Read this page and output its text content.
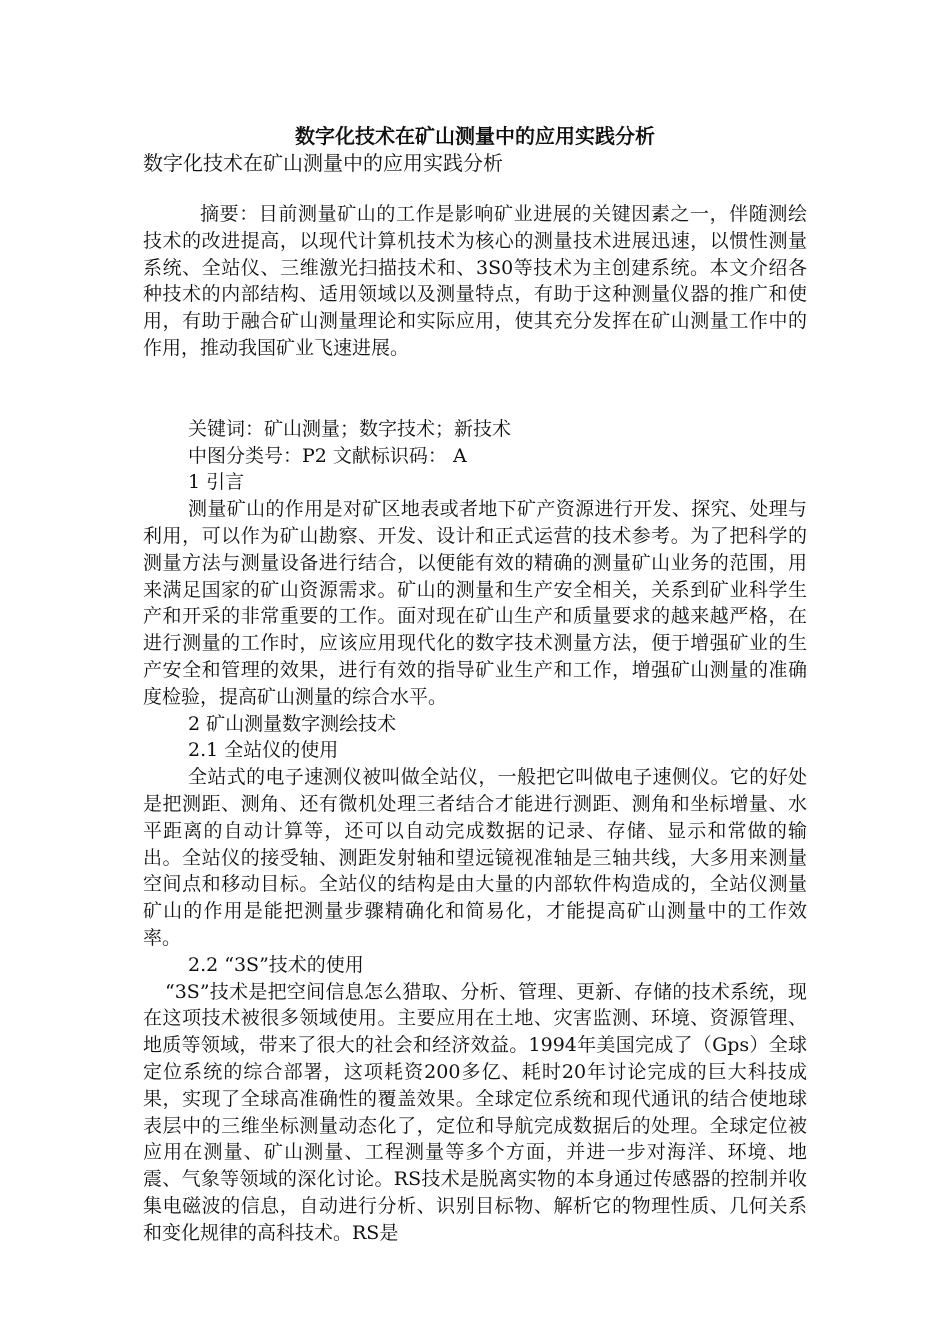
数字化技术在矿山测量中的应用实践分析
数字化技术在矿山测量中的应用实践分析

摘要：目前测量矿山的工作是影响矿业进展的关键因素之一，伴随测绘技术的改进提高，以现代计算机技术为核心的测量技术进展迅速，以惯性测量系统、全站仪、三维激光扫描技术和、3S0等技术为主创建系统。本文介绍各种技术的内部结构、适用领域以及测量特点，有助于这种测量仪器的推广和使用，有助于融合矿山测量理论和实际应用，使其充分发挥在矿山测量工作中的作用，推动我国矿业飞速进展。

关键词：矿山测量；数字技术；新技术

中图分类号：P2 文献标识码： A

1 引言

测量矿山的作用是对矿区地表或者地下矿产资源进行开发、探究、处理与利用，可以作为矿山勘察、开发、设计和正式运营的技术参考。为了把科学的测量方法与测量设备进行结合，以便能有效的精确的测量矿山业务的范围，用来满足国家的矿山资源需求。矿山的测量和生产安全相关，关系到矿业科学生产和开采的非常重要的工作。面对现在矿山生产和质量要求的越来越严格，在进行测量的工作时，应该应用现代化的数字技术测量方法，便于增强矿业的生产安全和管理的效果，进行有效的指导矿业生产和工作，增强矿山测量的准确度检验，提高矿山测量的综合水平。

2 矿山测量数字测绘技术

2.1 全站仪的使用

全站式的电子速测仪被叫做全站仪，一般把它叫做电子速侧仪。它的好处是把测距、测角、还有微机处理三者结合才能进行测距、测角和坐标增量、水平距离的自动计算等，还可以自动完成数据的记录、存储、显示和常做的输出。全站仪的接受轴、测距发射轴和望远镜视准轴是三轴共线，大多用来测量空间点和移动目标。全站仪的结构是由大量的内部软件构造成的，全站仪测量矿山的作用是能把测量步骤精确化和简易化，才能提高矿山测量中的工作效率。

2.2 “3S”技术的使用

“3S”技术是把空间信息怎么猎取、分析、管理、更新、存储的技术系统，现在这项技术被很多领域使用。主要应用在土地、灾害监测、环境、资源管理、地质等领域，带来了很大的社会和经济效益。1994年美国完成了（Gps）全球定位系统的综合部署，这项耗资200多亿、耗时20年讨论完成的巨大科技成果，实现了全球高准确性的覆盖效果。全球定位系统和现代通讯的结合使地球表层中的三维坐标测量动态化了，定位和导航完成数据后的处理。全球定位被应用在测量、矿山测量、工程测量等多个方面，并进一步对海洋、环境、地震、气象等领域的深化讨论。RS技术是脱离实物的本身通过传感器的控制并收集电磁波的信息，自动进行分析、识别目标物、解析它的物理性质、几何关系和变化规律的高科技术。RS是
